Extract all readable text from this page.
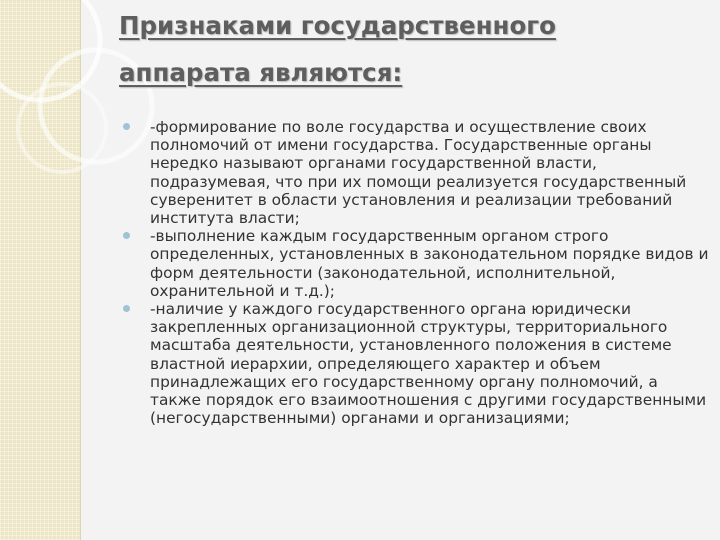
Признаками государственного
аппарата являются:
-формирование по воле государства и осуществление своих полномочий от имени государства. Государственные органы нередко называют органами государственной власти, подразумевая, что при их помощи реализуется государственный суверенитет в области установления и реализации требований института власти;
-выполнение каждым государственным органом строго определенных, установленных в законодательном порядке видов и форм деятельности (законодательной, исполнительной, охранительной и т.д.);
-наличие у каждого государственного органа юридически закрепленных организационной структуры, территориального масштаба деятельности, установленного положения в системе властной иерархии, определяющего характер и объем принадлежащих его государственному органу полномочий, а также порядок его взаимоотношения с другими государственными (негосударственными) органами и организациями;
